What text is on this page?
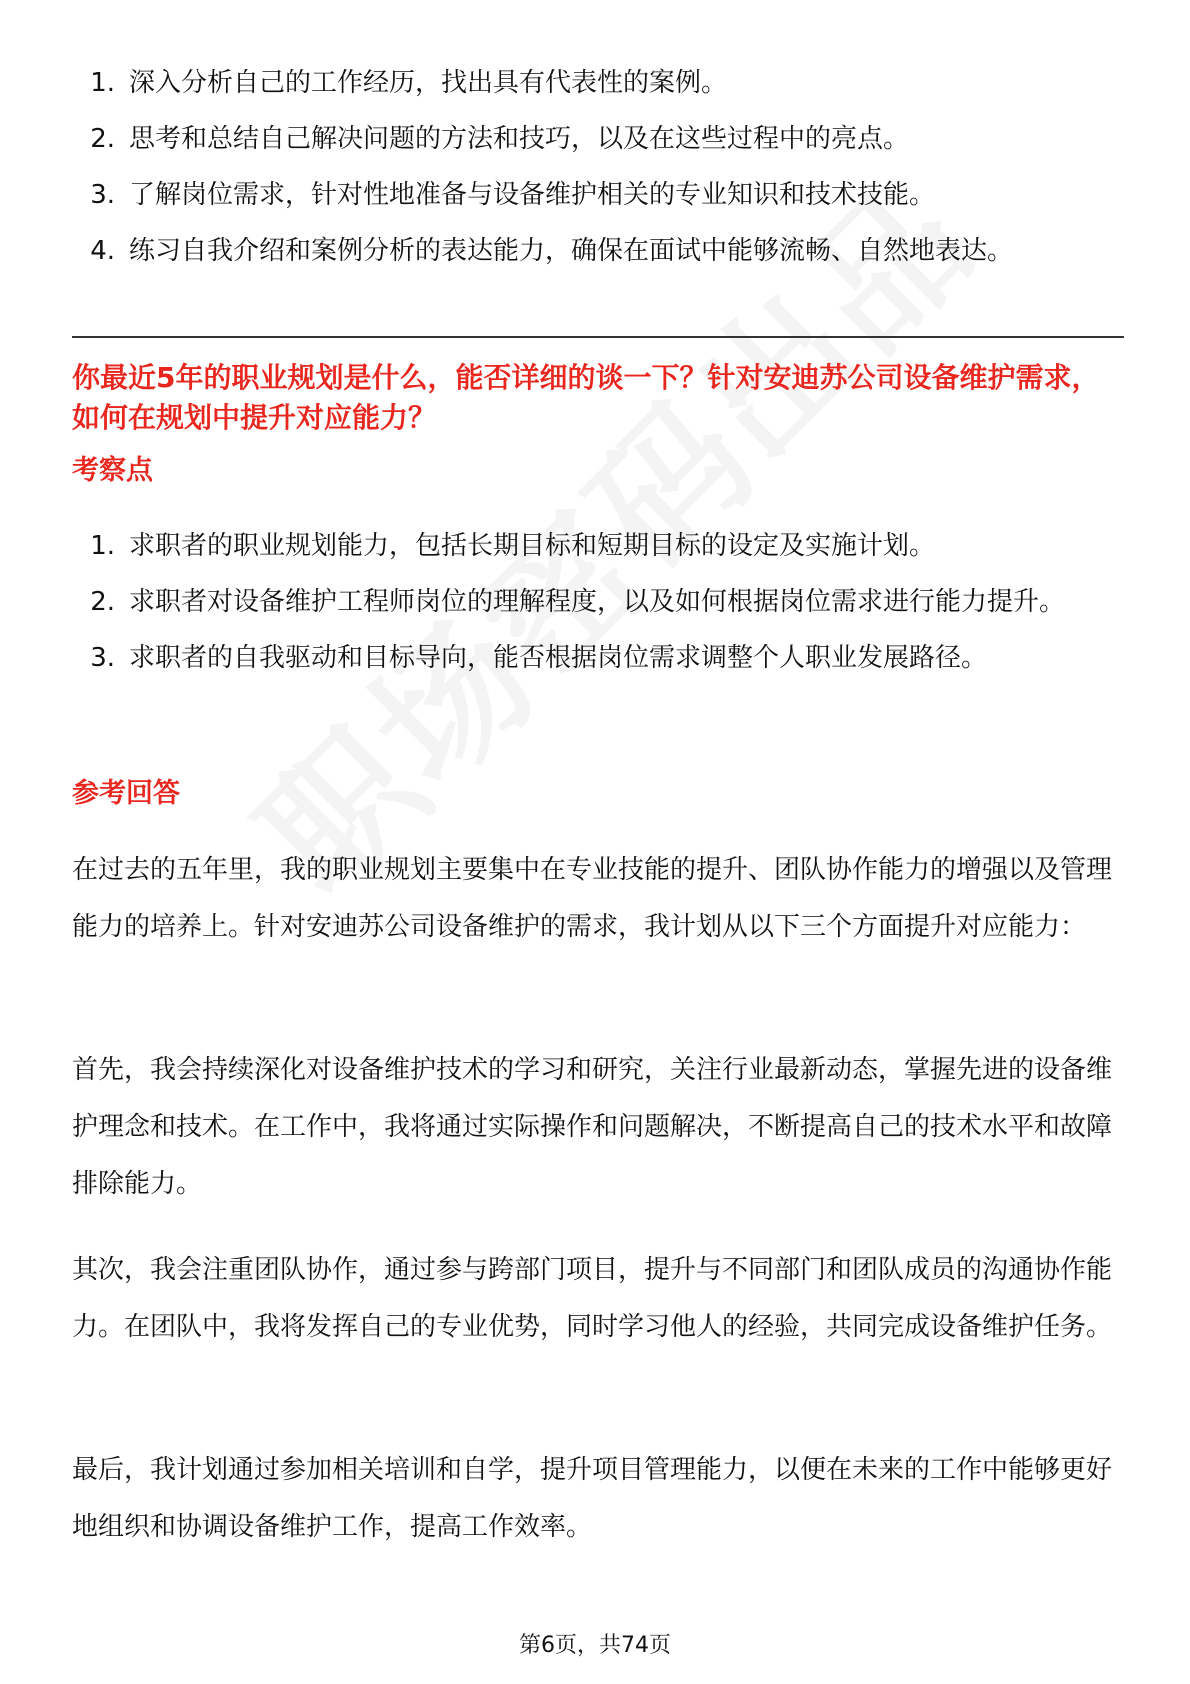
1. 深入分析自己的工作经历，找出具有代表性的案例。
2. 思考和总结自己解决问题的方法和技巧，以及在这些过程中的亮点。
3. 了解岗位需求，针对性地准备与设备维护相关的专业知识和技术技能。
4. 练习自我介绍和案例分析的表达能力，确保在面试中能够流畅、自然地表达。
你最近5年的职业规划是什么，能否详细的谈一下？针对安迪苏公司设备维护需求，如何在规划中提升对应能力？
考察点
1. 求职者的职业规划能力，包括长期目标和短期目标的设定及实施计划。
2. 求职者对设备维护工程师岗位的理解程度，以及如何根据岗位需求进行能力提升。
3. 求职者的自我驱动和目标导向，能否根据岗位需求调整个人职业发展路径。
参考回答

在过去的五年里，我的职业规划主要集中在专业技能的提升、团队协作能力的增强以及管理能力的培养上。针对安迪苏公司设备维护的需求，我计划从以下三个方面提升对应能力：

首先，我会持续深化对设备维护技术的学习和研究，关注行业最新动态，掌握先进的设备维护理念和技术。在工作中，我将通过实际操作和问题解决，不断提高自己的技术水平和故障排除能力。

其次，我会注重团队协作，通过参与跨部门项目，提升与不同部门和团队成员的沟通协作能力。在团队中，我将发挥自己的专业优势，同时学习他人的经验，共同完成设备维护任务。

最后，我计划通过参加相关培训和自学，提升项目管理能力，以便在未来的工作中能够更好地组织和协调设备维护工作，提高工作效率。

第6页，共74页
